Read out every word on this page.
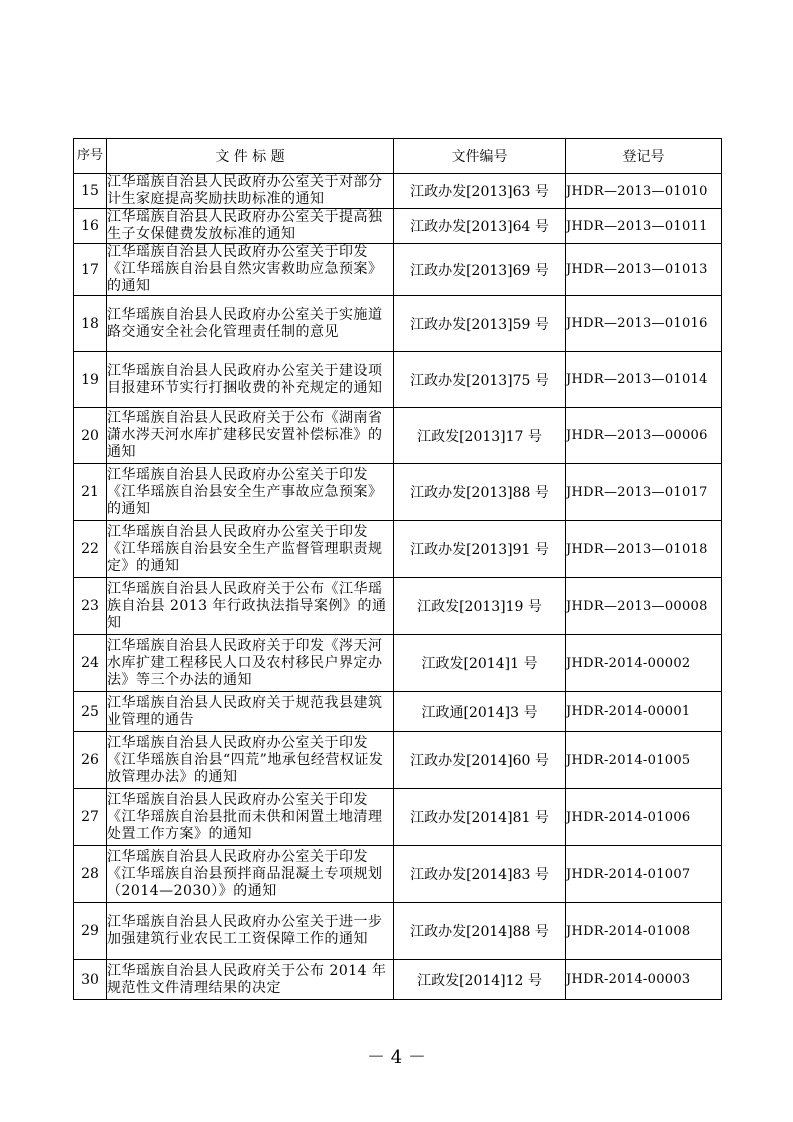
序号	文 件 标 题	文件编号	登记号
15	江华瑶族自治县人民政府办公室关于对部分计生家庭提高奖励扶助标准的通知	江政办发[2013]63 号	JHDR—2013—01010
16	江华瑶族自治县人民政府办公室关于提高独生子女保健费发放标准的通知	江政办发[2013]64 号	JHDR—2013—01011
17	江华瑶族自治县人民政府办公室关于印发《江华瑶族自治县自然灾害救助应急预案》的通知	江政办发[2013]69 号	JHDR—2013—01013
18	江华瑶族自治县人民政府办公室关于实施道路交通安全社会化管理责任制的意见	江政办发[2013]59 号	JHDR—2013—01016
19	江华瑶族自治县人民政府办公室关于建设项目报建环节实行打捆收费的补充规定的通知	江政办发[2013]75 号	JHDR—2013—01014
20	江华瑶族自治县人民政府关于公布《湖南省潇水涔天河水库扩建移民安置补偿标准》的通知	江政发[2013]17 号	JHDR—2013—00006
21	江华瑶族自治县人民政府办公室关于印发《江华瑶族自治县安全生产事故应急预案》的通知	江政办发[2013]88 号	JHDR—2013—01017
22	江华瑶族自治县人民政府办公室关于印发《江华瑶族自治县安全生产监督管理职责规定》的通知	江政办发[2013]91 号	JHDR—2013—01018
23	江华瑶族自治县人民政府关于公布《江华瑶族自治县 2013 年行政执法指导案例》的通知	江政发[2013]19 号	JHDR—2013—00008
24	江华瑶族自治县人民政府关于印发《涔天河水库扩建工程移民人口及农村移民户界定办法》等三个办法的通知	江政发[2014]1 号	JHDR-2014-00002
25	江华瑶族自治县人民政府关于规范我县建筑业管理的通告	江政通[2014]3 号	JHDR-2014-00001
26	江华瑶族自治县人民政府办公室关于印发《江华瑶族自治县“四荒”地承包经营权证发放管理办法》的通知	江政办发[2014]60 号	JHDR-2014-01005
27	江华瑶族自治县人民政府办公室关于印发《江华瑶族自治县批而未供和闲置土地清理处置工作方案》的通知	江政办发[2014]81 号	JHDR-2014-01006
28	江华瑶族自治县人民政府办公室关于印发《江华瑶族自治县预拌商品混凝土专项规划（2014—2030）》的通知	江政办发[2014]83 号	JHDR-2014-01007
29	江华瑶族自治县人民政府办公室关于进一步加强建筑行业农民工工资保障工作的通知	江政办发[2014]88 号	JHDR-2014-01008
30	江华瑶族自治县人民政府关于公布 2014 年规范性文件清理结果的决定	江政发[2014]12 号	JHDR-2014-00003
－ 4 －
